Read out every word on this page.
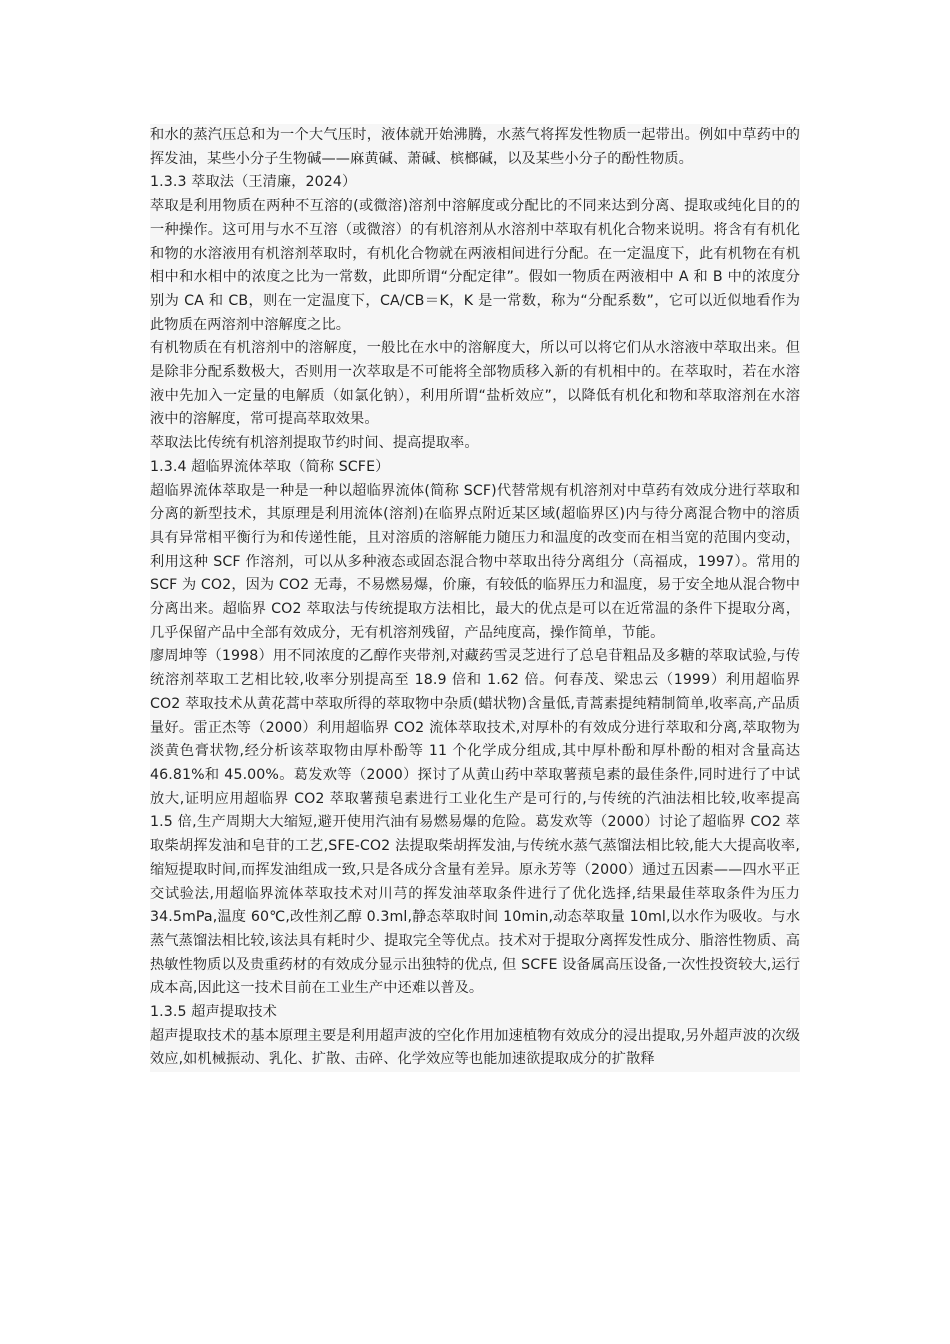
和水的蒸汽压总和为一个大气压时，液体就开始沸腾，水蒸气将挥发性物质一起带出。例如中草药中的挥发油，某些小分子生物碱——麻黄碱、萧碱、槟榔碱，以及某些小分子的酚性物质。

1.3.3 萃取法（王清廉，2024）

萃取是利用物质在两种不互溶的(或微溶)溶剂中溶解度或分配比的不同来达到分离、提取或纯化目的的一种操作。这可用与水不互溶（或微溶）的有机溶剂从水溶剂中萃取有机化合物来说明。将含有有机化和物的水溶液用有机溶剂萃取时，有机化合物就在两液相间进行分配。在一定温度下，此有机物在有机相中和水相中的浓度之比为一常数，此即所谓“分配定律”。假如一物质在两液相中 A 和 B 中的浓度分别为 CA 和 CB，则在一定温度下，CA/CB＝K，K 是一常数，称为“分配系数”，它可以近似地看作为此物质在两溶剂中溶解度之比。

有机物质在有机溶剂中的溶解度，一般比在水中的溶解度大，所以可以将它们从水溶液中萃取出来。但是除非分配系数极大，否则用一次萃取是不可能将全部物质移入新的有机相中的。在萃取时，若在水溶液中先加入一定量的电解质（如氯化钠），利用所谓“盐析效应”，以降低有机化和物和萃取溶剂在水溶液中的溶解度，常可提高萃取效果。

萃取法比传统有机溶剂提取节约时间、提高提取率。

1.3.4 超临界流体萃取（简称 SCFE）

超临界流体萃取是一种是一种以超临界流体(简称 SCF)代替常规有机溶剂对中草药有效成分进行萃取和分离的新型技术，其原理是利用流体(溶剂)在临界点附近某区域(超临界区)内与待分离混合物中的溶质具有异常相平衡行为和传递性能，且对溶质的溶解能力随压力和温度的改变而在相当宽的范围内变动，利用这种 SCF 作溶剂，可以从多种液态或固态混合物中萃取出待分离组分（高福成，1997）。常用的 SCF 为 CO2，因为 CO2 无毒，不易燃易爆，价廉，有较低的临界压力和温度，易于安全地从混合物中分离出来。超临界 CO2 萃取法与传统提取方法相比，最大的优点是可以在近常温的条件下提取分离，几乎保留产品中全部有效成分，无有机溶剂残留，产品纯度高，操作简单，节能。

廖周坤等（1998）用不同浓度的乙醇作夹带剂,对藏药雪灵芝进行了总皂苷粗品及多糖的萃取试验,与传统溶剂萃取工艺相比较,收率分别提高至 18.9 倍和 1.62 倍。何春茂、梁忠云（1999）利用超临界 CO2 萃取技术从黄花蒿中萃取所得的萃取物中杂质(蜡状物)含量低,青蒿素提纯精制简单,收率高,产品质量好。雷正杰等（2000）利用超临界 CO2 流体萃取技术,对厚朴的有效成分进行萃取和分离,萃取物为淡黄色膏状物,经分析该萃取物由厚朴酚等 11 个化学成分组成,其中厚朴酚和厚朴酚的相对含量高达 46.81%和 45.00%。葛发欢等（2000）探讨了从黄山药中萃取薯蓣皂素的最佳条件,同时进行了中试放大,证明应用超临界 CO2 萃取薯蓣皂素进行工业化生产是可行的,与传统的汽油法相比较,收率提高 1.5 倍,生产周期大大缩短,避开使用汽油有易燃易爆的危险。葛发欢等（2000）讨论了超临界 CO2 萃取柴胡挥发油和皂苷的工艺,SFE-CO2 法提取柴胡挥发油,与传统水蒸气蒸馏法相比较,能大大提高收率,缩短提取时间,而挥发油组成一致,只是各成分含量有差异。原永芳等（2000）通过五因素——四水平正交试验法,用超临界流体萃取技术对川芎的挥发油萃取条件进行了优化选择,结果最佳萃取条件为压力 34.5mPa,温度 60℃,改性剂乙醇 0.3ml,静态萃取时间 10min,动态萃取量 10ml,以水作为吸收。与水蒸气蒸馏法相比较,该法具有耗时少、提取完全等优点。技术对于提取分离挥发性成分、脂溶性物质、高热敏性物质以及贵重药材的有效成分显示出独特的优点, 但 SCFE 设备属高压设备,一次性投资较大,运行成本高,因此这一技术目前在工业生产中还难以普及。

1.3.5 超声提取技术

超声提取技术的基本原理主要是利用超声波的空化作用加速植物有效成分的浸出提取,另外超声波的次级效应,如机械振动、乳化、扩散、击碎、化学效应等也能加速欲提取成分的扩散释
